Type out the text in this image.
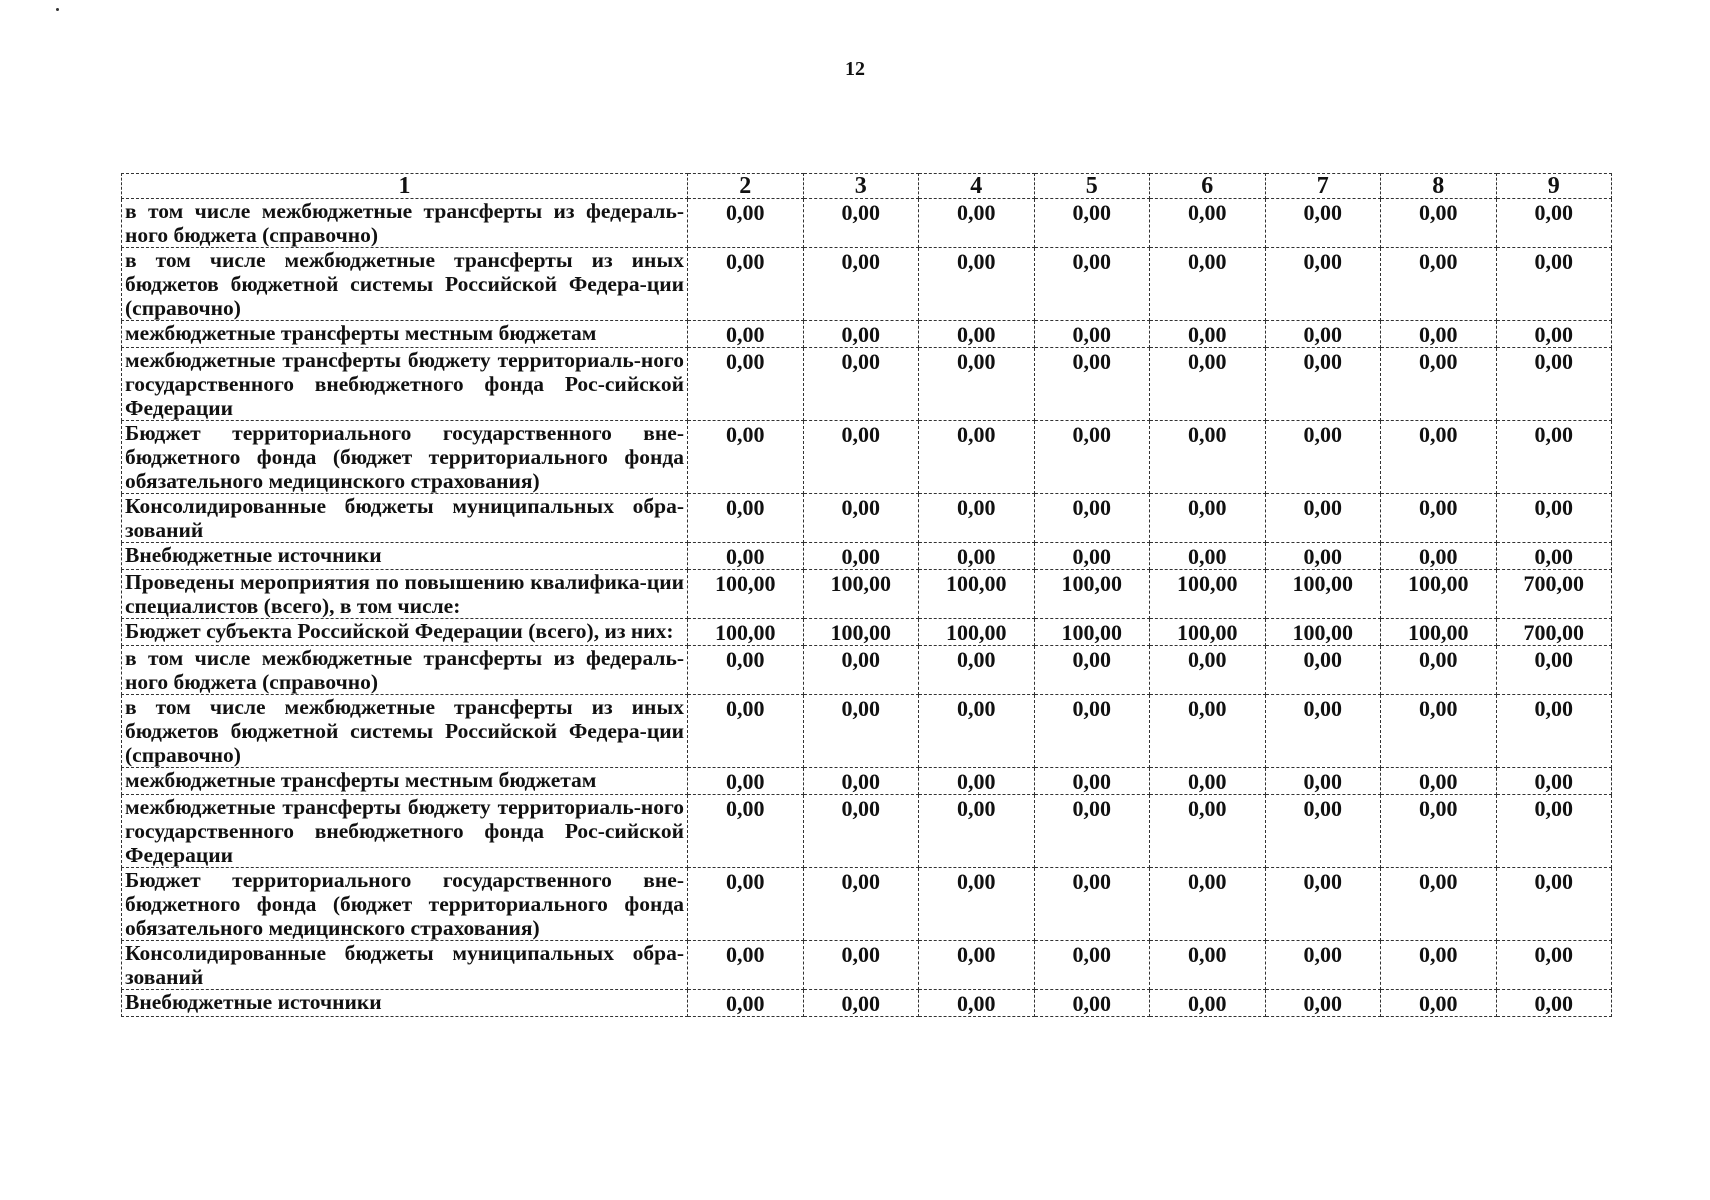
12
1	2	3	4	5	6	7	8	9
в том числе межбюджетные трансферты из федераль-ного бюджета (справочно)	0,00	0,00	0,00	0,00	0,00	0,00	0,00	0,00
в том числе межбюджетные трансферты из иных бюджетов бюджетной системы Российской Федера-ции (справочно)	0,00	0,00	0,00	0,00	0,00	0,00	0,00	0,00
межбюджетные трансферты местным бюджетам	0,00	0,00	0,00	0,00	0,00	0,00	0,00	0,00
межбюджетные трансферты бюджету территориаль-ного государственного внебюджетного фонда Рос-сийской Федерации	0,00	0,00	0,00	0,00	0,00	0,00	0,00	0,00
Бюджет территориального государственного вне-бюджетного фонда (бюджет территориального фонда обязательного медицинского страхования)	0,00	0,00	0,00	0,00	0,00	0,00	0,00	0,00
Консолидированные бюджеты муниципальных обра-зований	0,00	0,00	0,00	0,00	0,00	0,00	0,00	0,00
Внебюджетные источники	0,00	0,00	0,00	0,00	0,00	0,00	0,00	0,00
Проведены мероприятия по повышению квалифика-ции специалистов (всего), в том числе:	100,00	100,00	100,00	100,00	100,00	100,00	100,00	700,00
Бюджет субъекта Российской Федерации (всего), из них:	100,00	100,00	100,00	100,00	100,00	100,00	100,00	700,00
в том числе межбюджетные трансферты из федераль-ного бюджета (справочно)	0,00	0,00	0,00	0,00	0,00	0,00	0,00	0,00
в том числе межбюджетные трансферты из иных бюджетов бюджетной системы Российской Федера-ции (справочно)	0,00	0,00	0,00	0,00	0,00	0,00	0,00	0,00
межбюджетные трансферты местным бюджетам	0,00	0,00	0,00	0,00	0,00	0,00	0,00	0,00
межбюджетные трансферты бюджету территориаль-ного государственного внебюджетного фонда Рос-сийской Федерации	0,00	0,00	0,00	0,00	0,00	0,00	0,00	0,00
Бюджет территориального государственного вне-бюджетного фонда (бюджет территориального фонда обязательного медицинского страхования)	0,00	0,00	0,00	0,00	0,00	0,00	0,00	0,00
Консолидированные бюджеты муниципальных обра-зований	0,00	0,00	0,00	0,00	0,00	0,00	0,00	0,00
Внебюджетные источники	0,00	0,00	0,00	0,00	0,00	0,00	0,00	0,00
